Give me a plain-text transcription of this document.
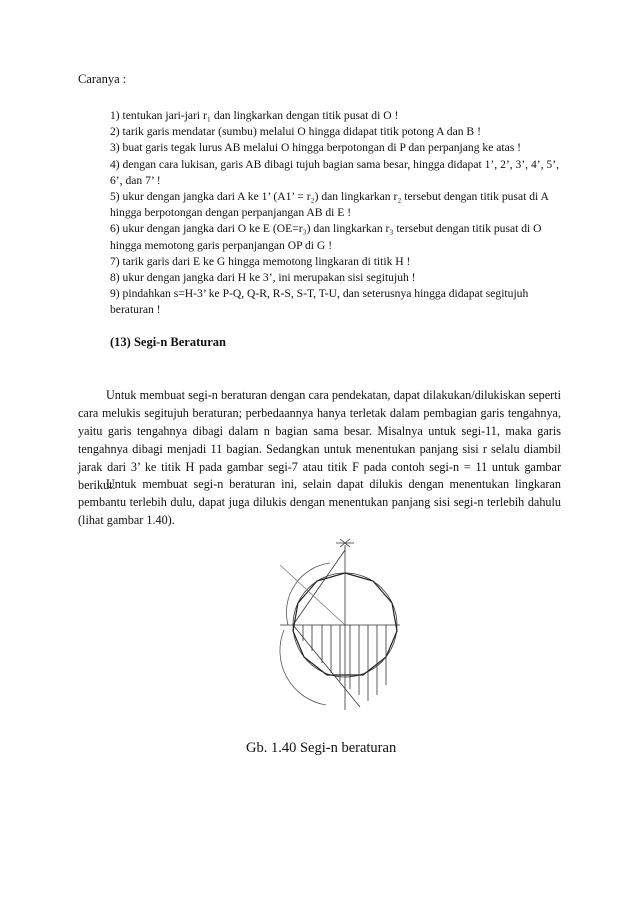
Caranya :
1) tentukan jari-jari r₁ dan lingkarkan dengan titik pusat di O !
2) tarik garis mendatar (sumbu) melalui O hingga didapat titik potong A dan B !
3) buat garis tegak lurus AB melalui O hingga berpotongan di P dan perpanjang ke atas !
4) dengan cara lukisan, garis AB dibagi tujuh bagian sama besar, hingga didapat 1’, 2’, 3’, 4’, 5’, 6’, dan 7’ !
5) ukur dengan jangka dari A ke 1’ (A1’ = r₂) dan lingkarkan r₂ tersebut dengan titik pusat di A hingga berpotongan dengan perpanjangan AB di E !
6) ukur dengan jangka dari O ke E (OE=r₃) dan lingkarkan r₃ tersebut dengan titik pusat di O hingga memotong garis perpanjangan OP di G !
7) tarik garis dari E ke G hingga memotong lingkaran di titik H !
8) ukur dengan jangka dari H ke 3’, ini merupakan sisi segitujuh !
9) pindahkan s=H-3’ ke P-Q, Q-R, R-S, S-T, T-U, dan seterusnya hingga didapat segitujuh beraturan !
(13) Segi-n Beraturan

Untuk membuat segi-n beraturan dengan cara pendekatan, dapat dilakukan/dilukiskan seperti cara melukis segitujuh beraturan; perbedaannya hanya terletak dalam pembagian garis tengahnya, yaitu garis tengahnya dibagi dalam n bagian sama besar. Misalnya untuk segi-11, maka garis tengahnya dibagi menjadi 11 bagian. Sedangkan untuk menentukan panjang sisi r selalu diambil jarak dari 3’ ke titik H pada gambar segi-7 atau titik F pada contoh segi-n = 11 untuk gambar berikut.

Untuk membuat segi-n beraturan ini, selain dapat dilukis dengan menentukan lingkaran pembantu terlebih dulu, dapat juga dilukis dengan menentukan panjang sisi segi-n terlebih dahulu (lihat gambar 1.40).

Gb. 1.40 Segi-n beraturan
